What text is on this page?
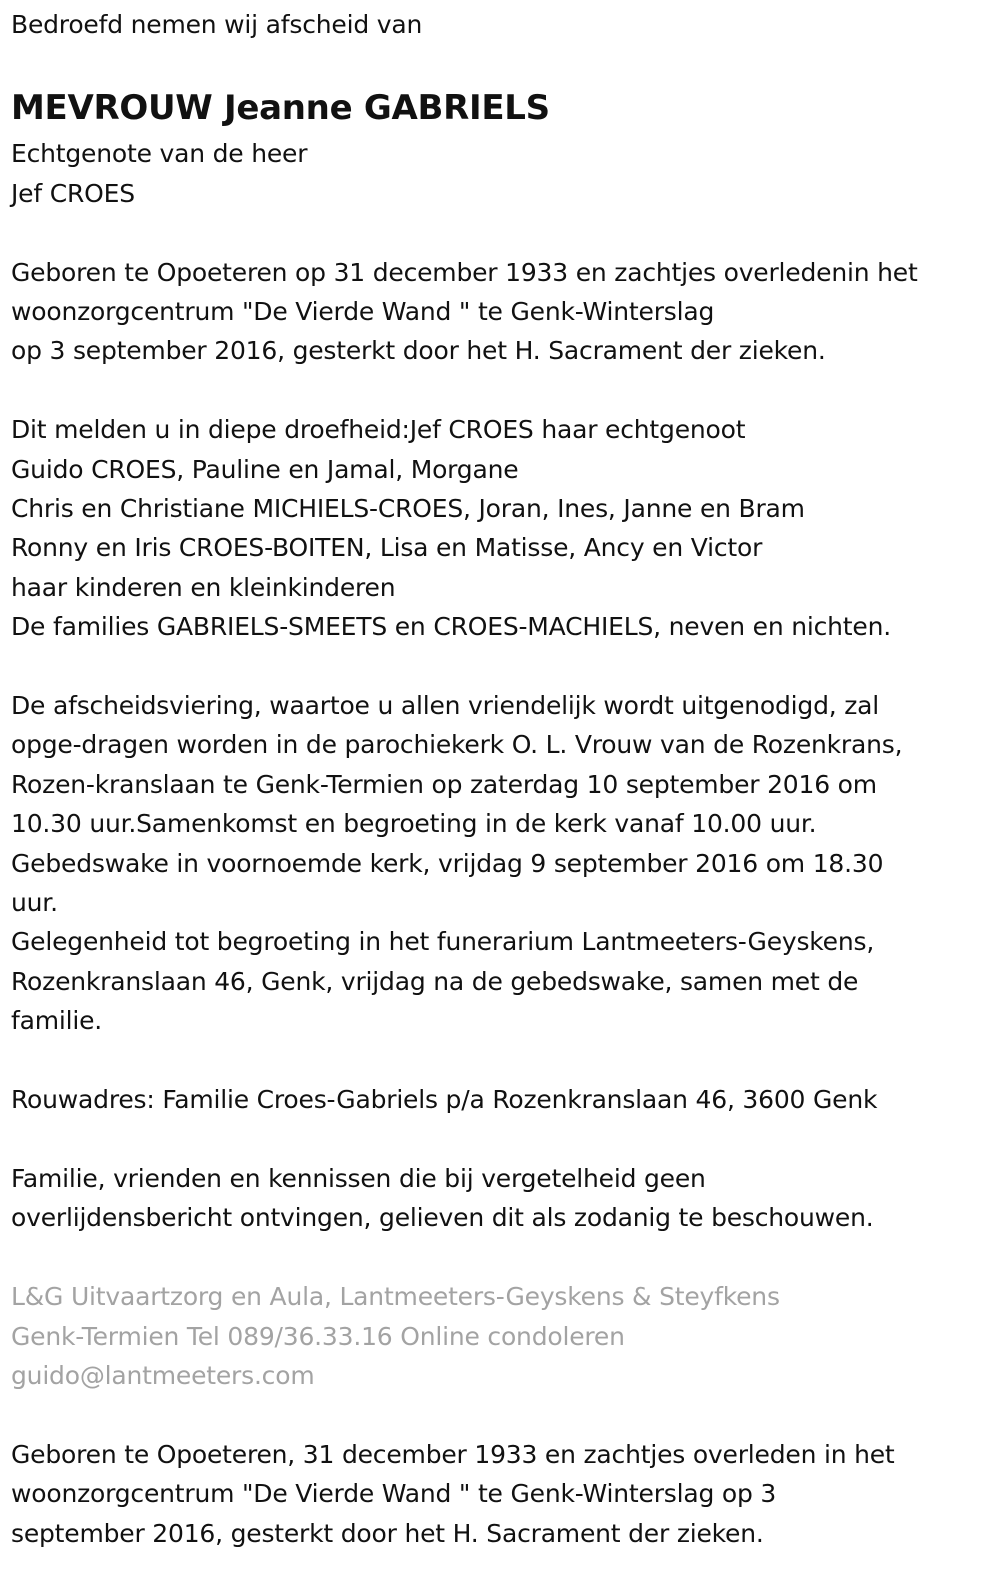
Bedroefd nemen wij afscheid van
MEVROUW Jeanne GABRIELS
Echtgenote van de heer
Jef CROES
Geboren te Opoeteren op 31 december 1933 en zachtjes overledenin het
woonzorgcentrum "De Vierde Wand " te Genk-Winterslag
op 3 september 2016, gesterkt door het H. Sacrament der zieken.
Dit melden u in diepe droefheid:Jef CROES haar echtgenoot
Guido CROES, Pauline en Jamal, Morgane
Chris en Christiane MICHIELS-CROES, Joran, Ines, Janne en Bram
Ronny en Iris CROES-BOITEN, Lisa en Matisse, Ancy en Victor
haar kinderen en kleinkinderen
De families GABRIELS-SMEETS en CROES-MACHIELS, neven en nichten.
De afscheidsviering, waartoe u allen vriendelijk wordt uitgenodigd, zal
opge-dragen worden in de parochiekerk O. L. Vrouw van de Rozenkrans,
Rozen-kranslaan te Genk-Termien op zaterdag 10 september 2016 om
10.30 uur.Samenkomst en begroeting in de kerk vanaf 10.00 uur.
Gebedswake in voornoemde kerk, vrijdag 9 september 2016 om 18.30
uur.
Gelegenheid tot begroeting in het funerarium Lantmeeters-Geyskens,
Rozenkranslaan 46, Genk, vrijdag na de gebedswake, samen met de
familie.
Rouwadres: Familie Croes-Gabriels p/a Rozenkranslaan 46, 3600 Genk
Familie, vrienden en kennissen die bij vergetelheid geen
overlijdensbericht ontvingen, gelieven dit als zodanig te beschouwen.
L&G Uitvaartzorg en Aula, Lantmeeters-Geyskens & Steyfkens
Genk-Termien Tel 089/36.33.16 Online condoleren
guido@lantmeeters.com
Geboren te Opoeteren, 31 december 1933 en zachtjes overleden in het
woonzorgcentrum "De Vierde Wand " te Genk-Winterslag op 3
september 2016, gesterkt door het H. Sacrament der zieken.
